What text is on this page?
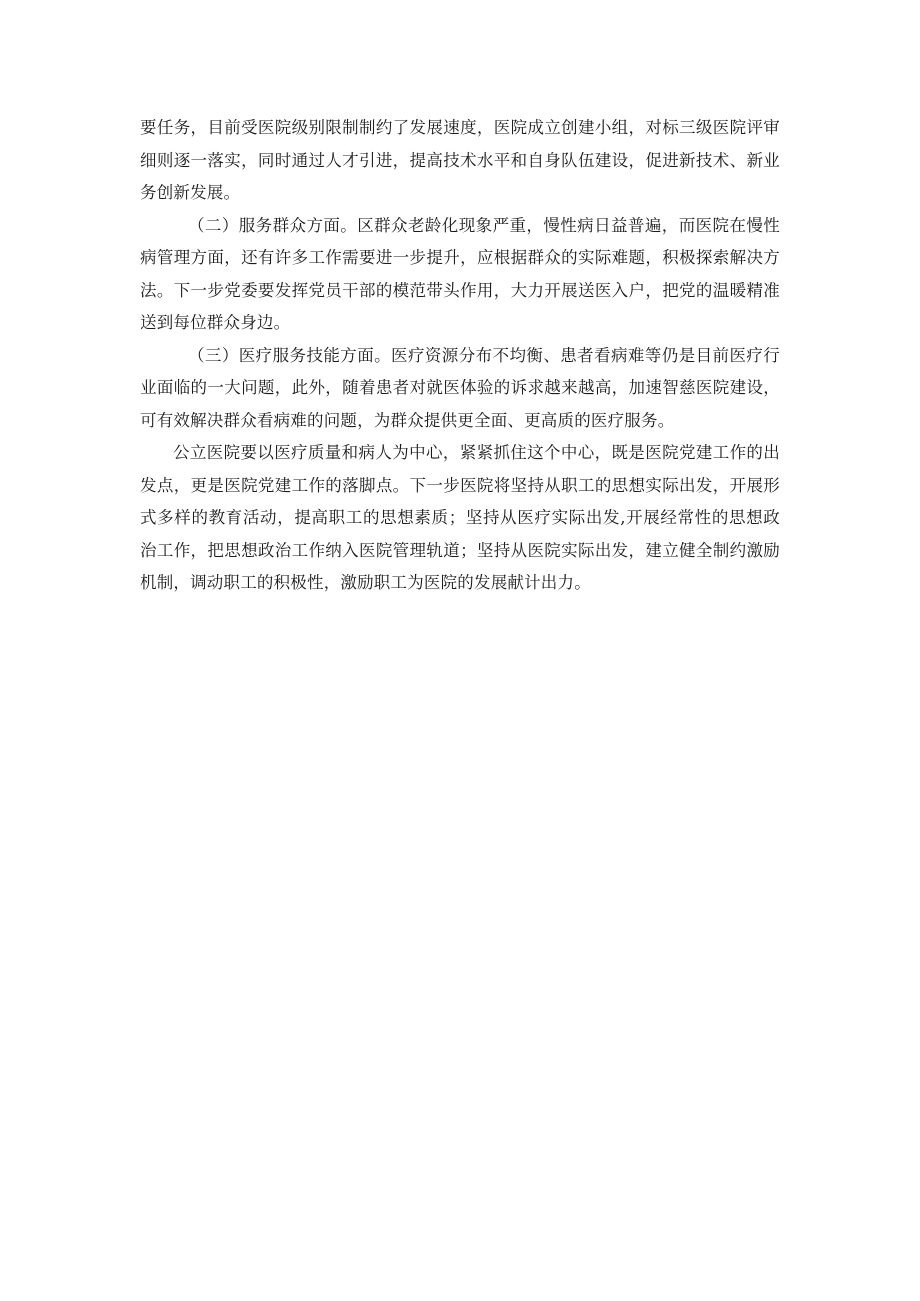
要任务，目前受医院级别限制制约了发展速度，医院成立创建小组，对标三级医院评审细则逐一落实，同时通过人才引进，提高技术水平和自身队伍建设，促进新技术、新业务创新发展。

（二）服务群众方面。区群众老龄化现象严重，慢性病日益普遍，而医院在慢性病管理方面，还有许多工作需要进一步提升，应根据群众的实际难题，积极探索解决方法。下一步党委要发挥党员干部的模范带头作用，大力开展送医入户，把党的温暖精准送到每位群众身边。

（三）医疗服务技能方面。医疗资源分布不均衡、患者看病难等仍是目前医疗行业面临的一大问题，此外，随着患者对就医体验的诉求越来越高，加速智慈医院建设，可有效解决群众看病难的问题，为群众提供更全面、更高质的医疗服务。

公立医院要以医疗质量和病人为中心，紧紧抓住这个中心，既是医院党建工作的出发点，更是医院党建工作的落脚点。下一步医院将坚持从职工的思想实际出发，开展形式多样的教育活动，提高职工的思想素质；坚持从医疗实际出发,开展经常性的思想政治工作，把思想政治工作纳入医院管理轨道；坚持从医院实际出发，建立健全制约激励机制，调动职工的积极性，激励职工为医院的发展献计出力。
